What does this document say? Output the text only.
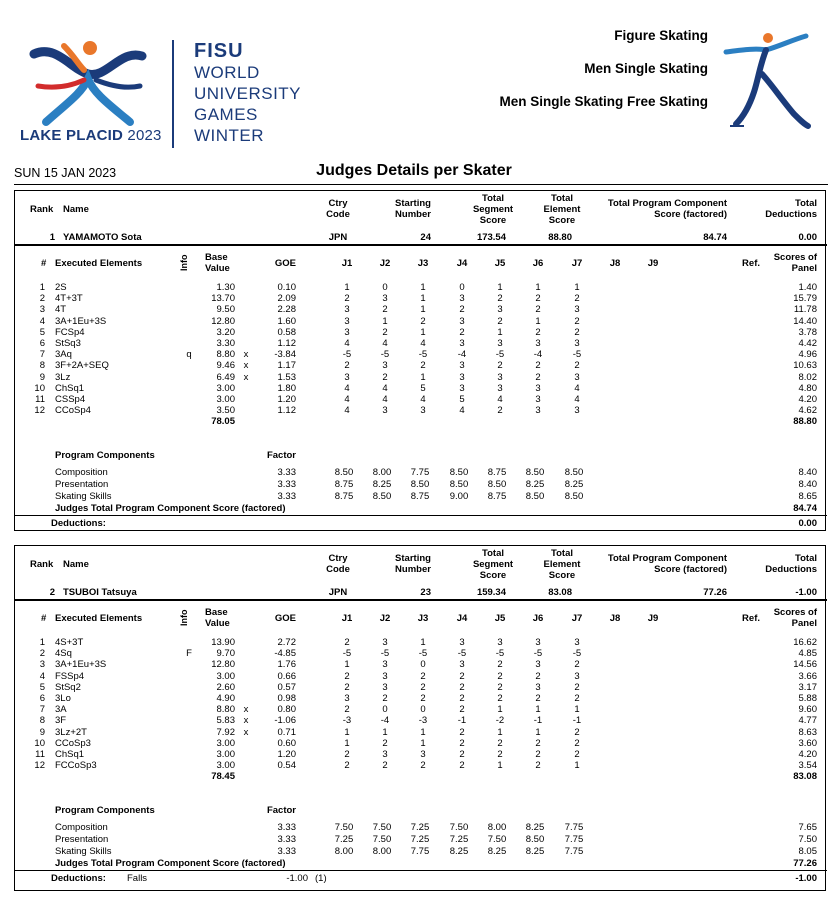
LAKE PLACID 2023
FISU
WORLD
UNIVERSITY
GAMES
WINTER
Figure Skating
Men Single Skating
Men Single Skating Free Skating
SUN 15 JAN 2023	Judges Details per Skater
Rank Name
Ctry
Code
Starting
Number
Total
Segment
Score
Total
Element
Score
Total Program Component
Score (factored)
Total
Deductions
1 YAMAMOTO Sota	JPN	24	173.54	88.80	84.74	0.00
# Executed Elements	Info Base
Value	GOE	J1	J2	J3	J4	J5	J6	J7	J8	J9	Ref.
Scores of
Panel
1 2S	1.30	0.10	1	0	1	0	1	1	1	1.40
2 4T+3T	13.70	2.09	2	3	1	3	2	2	2	15.79
3 4T	9.50	2.28	3	2	1	2	3	2	3	11.78
4 3A+1Eu+3S	12.80	1.60	3	1	2	3	2	1	2	14.40
5 FCSp4	3.20	0.58	3	2	1	2	1	2	2	3.78
6 StSq3	3.30	1.12	4	4	4	3	3	3	3	4.42
7 3Aq	q	8.80 x	-3.84	-5	-5	-5	-4	-5	-4	-5	4.96
8 3F+2A+SEQ	9.46 x	1.17	2	3	2	3	2	2	2	10.63
9 3Lz	6.49 x	1.53	3	2	1	3	3	2	3	8.02
10 ChSq1	3.00	1.80	4	4	5	3	3	3	4	4.80
11 CSSp4	3.00	1.20	4	4	4	5	4	3	4	4.20
12 CCoSp4	3.50	1.12	4	3	3	4	2	3	3	4.62
78.05	88.80
Program Components	Factor
Composition	3.33	8.50	8.00	7.75	8.50	8.75	8.50	8.50	8.40
Presentation	3.33	8.75	8.25	8.50	8.50	8.50	8.25	8.25	8.40
Skating Skills	3.33	8.75	8.50	8.75	9.00	8.75	8.50	8.50	8.65
Judges Total Program Component Score (factored)	84.74
Deductions:	0.00
Rank Name
Ctry
Code
Starting
Number
Total
Segment
Score
Total
Element
Score
Total Program Component
Score (factored)
Total
Deductions
2 TSUBOI Tatsuya	JPN	23	159.34	83.08	77.26	-1.00
# Executed Elements	Info Base
Value	GOE	J1	J2	J3	J4	J5	J6	J7	J8	J9	Ref.
Scores of
Panel
1 4S+3T	13.90	2.72	2	3	1	3	3	3	3	16.62
2 4Sq	F	9.70	-4.85	-5	-5	-5	-5	-5	-5	-5	4.85
3 3A+1Eu+3S	12.80	1.76	1	3	0	3	2	3	2	14.56
4 FSSp4	3.00	0.66	2	3	2	2	2	2	3	3.66
5 StSq2	2.60	0.57	2	3	2	2	2	3	2	3.17
6 3Lo	4.90	0.98	3	2	2	2	2	2	2	5.88
7 3A	8.80 x	0.80	2	0	0	2	1	1	1	9.60
8 3F	5.83 x	-1.06	-3	-4	-3	-1	-2	-1	-1	4.77
9 3Lz+2T	7.92 x	0.71	1	1	1	2	1	1	2	8.63
10 CCoSp3	3.00	0.60	1	2	1	2	2	2	2	3.60
11 ChSq1	3.00	1.20	2	3	3	2	2	2	2	4.20
12 FCCoSp3	3.00	0.54	2	2	2	2	1	2	1	3.54
78.45	83.08
Program Components	Factor
Composition	3.33	7.50	7.50	7.25	7.50	8.00	8.25	7.75	7.65
Presentation	3.33	7.25	7.50	7.25	7.25	7.50	8.50	7.75	7.50
Skating Skills	3.33	8.00	8.00	7.75	8.25	8.25	8.25	7.75	8.05
Judges Total Program Component Score (factored)	77.26
Deductions: Falls	-1.00 (1)	-1.00
